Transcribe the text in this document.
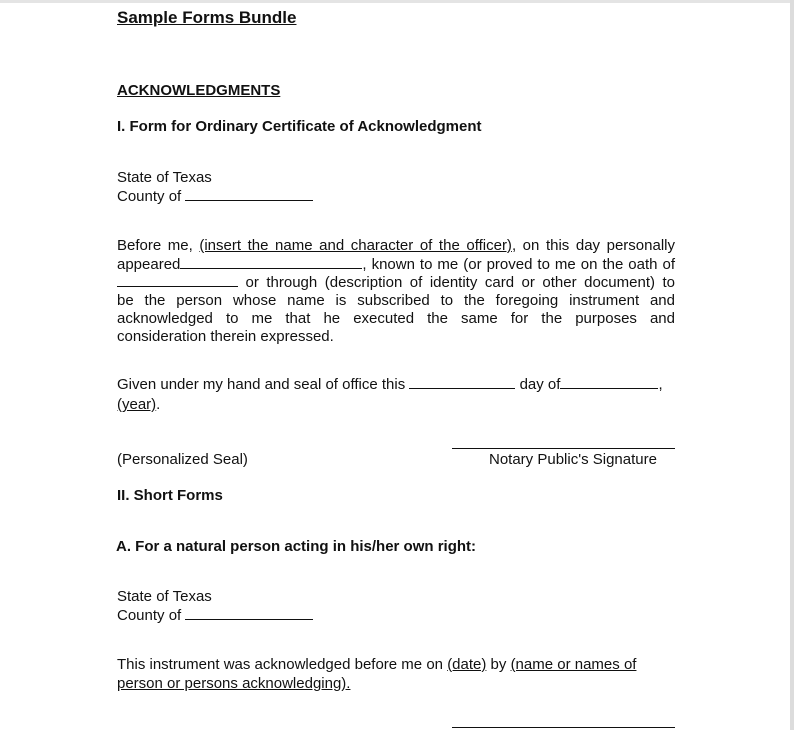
Sample Forms Bundle
ACKNOWLEDGMENTS
I. Form for Ordinary Certificate of Acknowledgment
State of Texas
County of
Before me, (insert the name and character of the officer), on this day personally
appeared	, known to me (or proved to me on the oath of
or through (description of identity card or other document) to
be the person whose name is subscribed to the foregoing instrument and
acknowledged to me that he executed the same for the purposes and
consideration therein expressed.
Given under my hand and seal of office this	day of	,
(year).
(Personalized Seal)	Notary Public's Signature
II. Short Forms
A. For a natural person acting in his/her own right:
State of Texas
County of
This instrument was acknowledged before me on (date) by (name or names of
person or persons acknowledging).
